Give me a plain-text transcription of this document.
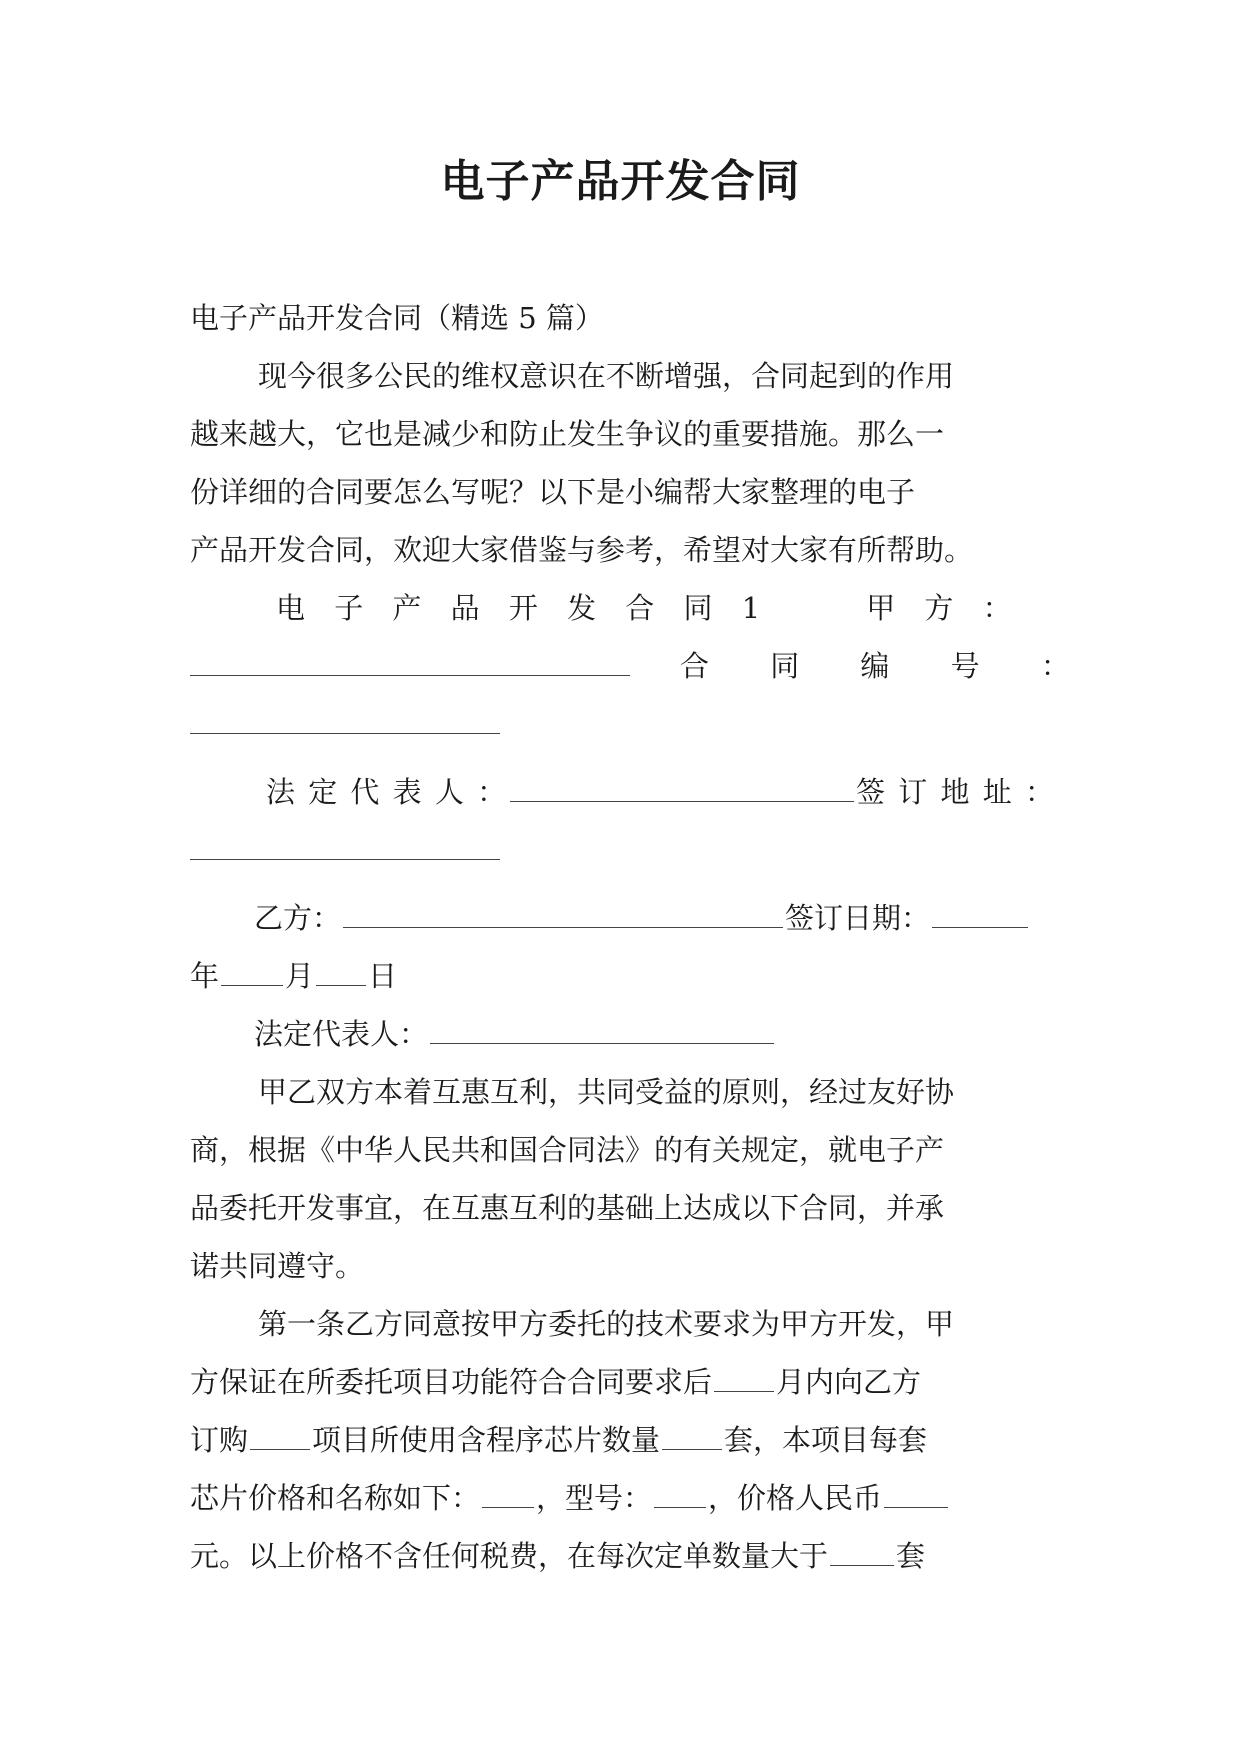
电子产品开发合同
电子产品开发合同（精选 5 篇）
现今很多公民的维权意识在不断增强，合同起到的作用
越来越大，它也是减少和防止发生争议的重要措施。那么一
份详细的合同要怎么写呢？以下是小编帮大家整理的电子
产品开发合同，欢迎大家借鉴与参考，希望对大家有所帮助。
电 子 产 品 开 发 合 同 1	甲 方 ：
合 同 编 号 ：
法 定 代 表 人 ：	签 订 地 址 ：
乙方：	签订日期：
年 月 日
法定代表人：
甲乙双方本着互惠互利，共同受益的原则，经过友好协
商，根据《中华人民共和国合同法》的有关规定，就电子产
品委托开发事宜，在互惠互利的基础上达成以下合同，并承
诺共同遵守。
第一条乙方同意按甲方委托的技术要求为甲方开发，甲
方保证在所委托项目功能符合合同要求后 月内向乙方
订购 项目所使用含程序芯片数量 套，本项目每套
芯片价格和名称如下： ，型号： ，价格人民币
元。以上价格不含任何税费，在每次定单数量大于 套
